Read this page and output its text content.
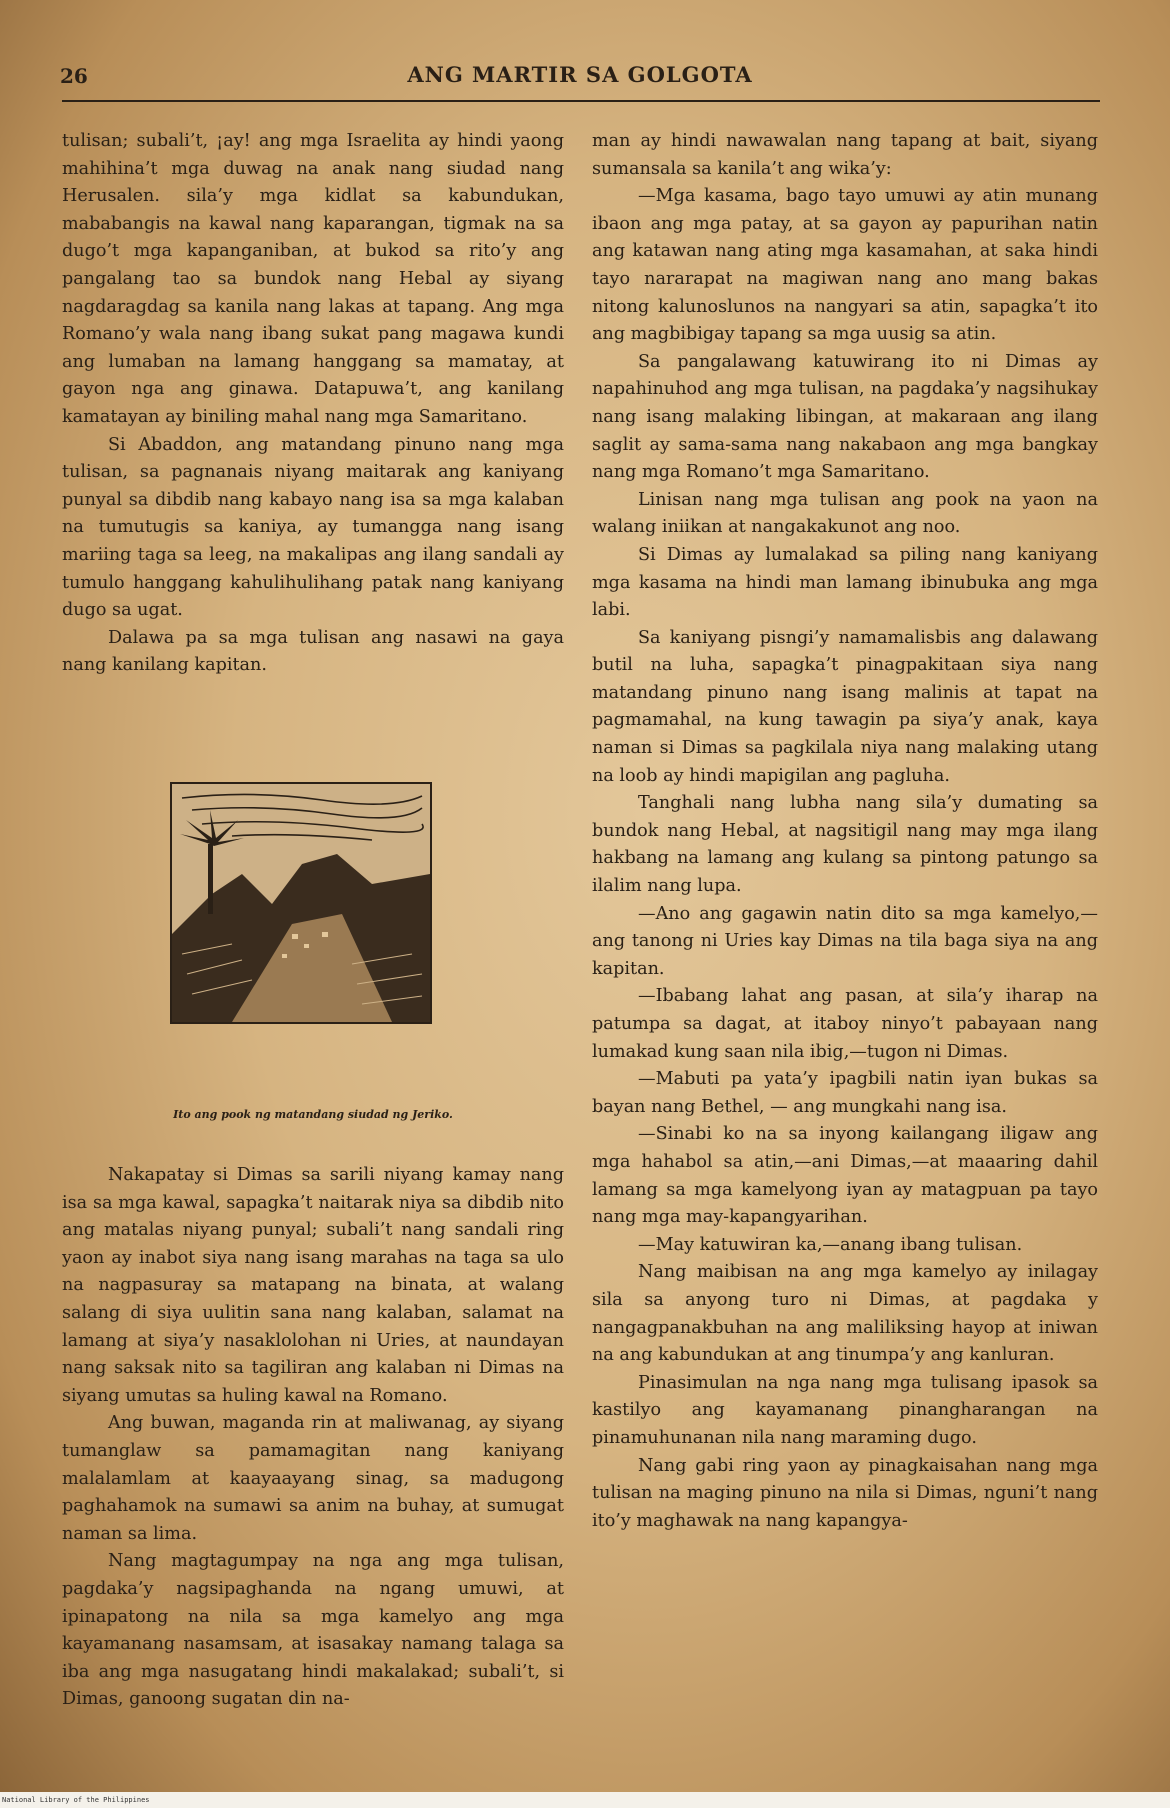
26	ANG MARTIR SA GOLGOTA

tulisan; subali’t, ¡ay! ang mga Israelita ay hindi yaong mahihina’t mga duwag na anak nang siudad nang Herusalen. sila’y mga kidlat sa kabundukan, mababangis na kawal nang kaparangan, tigmak na sa dugo’t mga kapanganiban, at bukod sa rito’y ang pangalang tao sa bundok nang Hebal ay siyang nagdaragdag sa kanila nang lakas at tapang. Ang mga Romano’y wala nang ibang sukat pang magawa kundi ang lumaban na lamang hanggang sa mamatay, at gayon nga ang ginawa. Datapuwa’t, ang kanilang kamatayan ay biniling mahal nang mga Samaritano.

Si Abaddon, ang matandang pinuno nang mga tulisan, sa pagnanais niyang maitarak ang kaniyang punyal sa dibdib nang kabayo nang isa sa mga kalaban na tumutugis sa kaniya, ay tumangga nang isang mariing taga sa leeg, na makalipas ang ilang sandali ay tumulo hanggang kahulihulihang patak nang kaniyang dugo sa ugat.

Dalawa pa sa mga tulisan ang nasawi na gaya nang kanilang kapitan.

Ito ang pook ng matandang siudad ng Jeriko.

Nakapatay si Dimas sa sarili niyang kamay nang isa sa mga kawal, sapagka’t naitarak niya sa dibdib nito ang matalas niyang punyal; subali’t nang sandali ring yaon ay inabot siya nang isang marahas na taga sa ulo na nagpasuray sa matapang na binata, at walang salang di siya uulitin sana nang kalaban, salamat na lamang at siya’y nasaklolohan ni Uries, at naundayan nang saksak nito sa tagiliran ang kalaban ni Dimas na siyang umutas sa huling kawal na Romano.

Ang buwan, maganda rin at maliwanag, ay siyang tumanglaw sa pamamagitan nang kaniyang malalamlam at kaayaayang sinag, sa madugong paghahamok na sumawi sa anim na buhay, at sumugat naman sa lima.

Nang magtagumpay na nga ang mga tulisan, pagdaka’y nagsipaghanda na ngang umuwi, at ipinapatong na nila sa mga kamelyo ang mga kayamanang nasamsam, at isasakay namang talaga sa iba ang mga nasugatang hindi makalakad; subali’t, si Dimas, ganoong sugatan din na-

man ay hindi nawawalan nang tapang at bait, siyang sumansala sa kanila’t ang wika’y:

—Mga kasama, bago tayo umuwi ay atin munang ibaon ang mga patay, at sa gayon ay papurihan natin ang katawan nang ating mga kasamahan, at saka hindi tayo nararapat na magiwan nang ano mang bakas nitong kalunoslunos na nangyari sa atin, sapagka’t ito ang magbibigay tapang sa mga uusig sa atin.

Sa pangalawang katuwirang ito ni Dimas ay napahinuhod ang mga tulisan, na pagdaka’y nagsihukay nang isang malaking libingan, at makaraan ang ilang saglit ay sama-sama nang nakabaon ang mga bangkay nang mga Romano’t mga Samaritano.

Linisan nang mga tulisan ang pook na yaon na walang iniikan at nangakakunot ang noo.

Si Dimas ay lumalakad sa piling nang kaniyang mga kasama na hindi man lamang ibinubuka ang mga labi.

Sa kaniyang pisngi’y namamalisbis ang dalawang butil na luha, sapagka’t pinagpakitaan siya nang matandang pinuno nang isang malinis at tapat na pagmamahal, na kung tawagin pa siya’y anak, kaya naman si Dimas sa pagkilala niya nang malaking utang na loob ay hindi mapigilan ang pagluha.

Tanghali nang lubha nang sila’y dumating sa bundok nang Hebal, at nagsitigil nang may mga ilang hakbang na lamang ang kulang sa pintong patungo sa ilalim nang lupa.

—Ano ang gagawin natin dito sa mga kamelyo,—ang tanong ni Uries kay Dimas na tila baga siya na ang kapitan.

—Ibabang lahat ang pasan, at sila’y iharap na patumpa sa dagat, at itaboy ninyo’t pabayaan nang lumakad kung saan nila ibig,—tugon ni Dimas.

—Mabuti pa yata’y ipagbili natin iyan bukas sa bayan nang Bethel, — ang mungkahi nang isa.

—Sinabi ko na sa inyong kailangang iligaw ang mga hahabol sa atin,—ani Dimas,—at maaaring dahil lamang sa mga kamelyong iyan ay matagpuan pa tayo nang mga may-kapangyarihan.

—May katuwiran ka,—anang ibang tulisan.

Nang maibisan na ang mga kamelyo ay inilagay sila sa anyong turo ni Dimas, at pagdaka y nangagpanakbuhan na ang maliliksing hayop at iniwan na ang kabundukan at ang tinumpa’y ang kanluran.

Pinasimulan na nga nang mga tulisang ipasok sa kastilyo ang kayamanang pinangharangan na pinamuhunanan nila nang maraming dugo.

Nang gabi ring yaon ay pinagkaisahan nang mga tulisan na maging pinuno na nila si Dimas, nguni’t nang ito’y maghawak na nang kapangya-

National Library of the Philippines
